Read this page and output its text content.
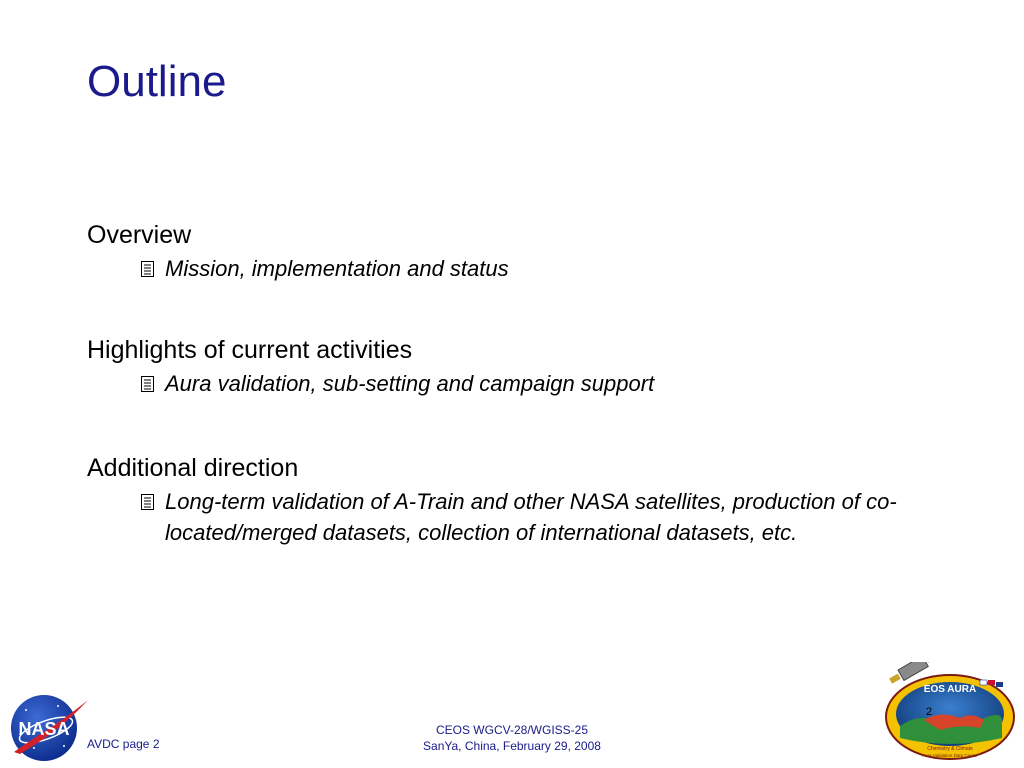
Outline
Overview
Mission, implementation and status
Highlights of current activities
Aura validation, sub-setting and campaign support
Additional direction
Long-term validation of A-Train and other NASA satellites, production of co-located/merged datasets, collection of international datasets, etc.
NASA
AVDC page 2
CEOS WGCV-28/WGISS-25
SanYa, China, February 29, 2008
EOS AURA
Chemistry & Climate
Aura Validation Data Center
2
